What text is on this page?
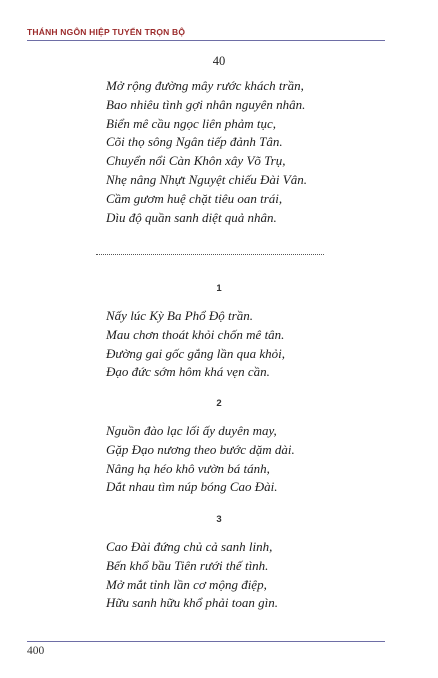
THÁNH NGÔN HIỆP TUYỂN TRỌN BỘ
40
Mở rộng đường mây rước khách trần,
Bao nhiêu tình gợi nhân nguyên nhân.
Biển mê cầu ngọc liên phảm tục,
Cõi thọ sông Ngân tiếp đảnh Tân.
Chuyển nổi Càn Khôn xây Võ Trụ,
Nhẹ nâng Nhựt Nguyệt chiếu Đài Vân.
Cầm gươm huệ chặt tiêu oan trái,
Dìu độ quần sanh diệt quả nhân.
1
Nấy lúc Kỳ Ba Phổ Độ trần.
Mau chơn thoát khỏi chốn mê tân.
Đường gai gốc gắng lần qua khỏi,
Đạo đức sớm hôm khá vẹn cần.
2
Nguồn đào lạc lối ấy duyên may,
Gặp Đạo nương theo bước dặm dài.
Nâng hạ héo khô vườn bá tánh,
Dắt nhau tìm núp bóng Cao Đài.
3
Cao Đài đứng chủ cả sanh linh,
Bến khổ bầu Tiên rưới thế tình.
Mở mắt tỉnh lần cơ mộng điệp,
Hữu sanh hữu khổ phải toan gìn.
400
